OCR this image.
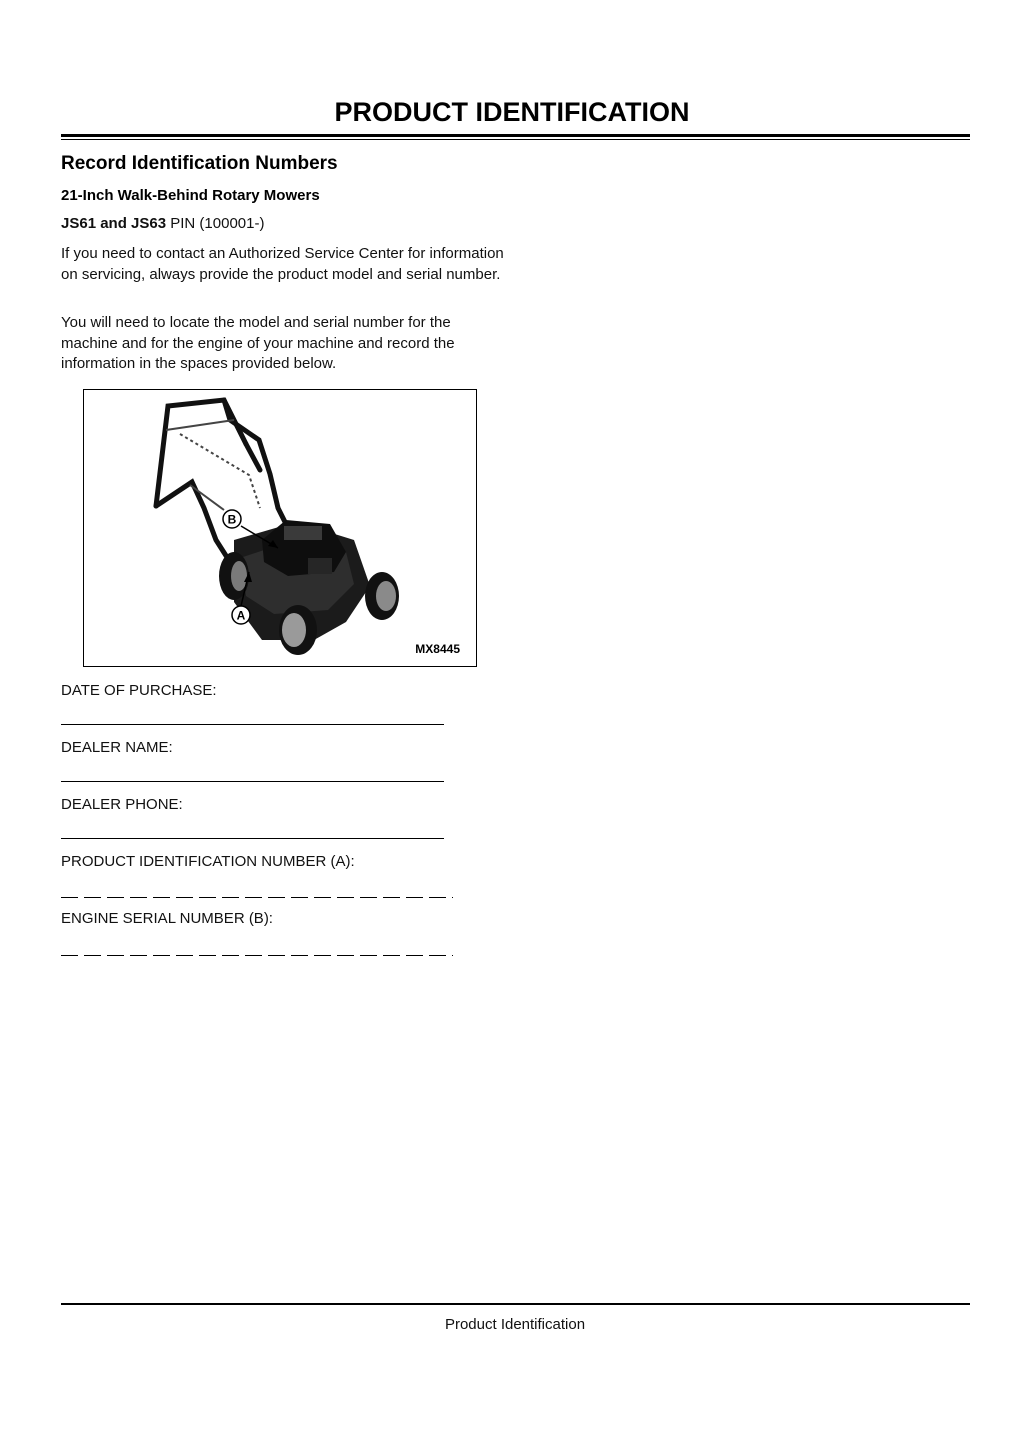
PRODUCT IDENTIFICATION
Record Identification Numbers

21-Inch Walk-Behind Rotary Mowers

JS61 and JS63 PIN (100001-)

If you need to contact an Authorized Service Center for information on servicing, always provide the product model and serial number.

You will need to locate the model and serial number for the machine and for the engine of your machine and record the information in the spaces provided below.

B
A
MX8445

DATE OF PURCHASE:

DEALER NAME:

DEALER PHONE:

PRODUCT IDENTIFICATION NUMBER (A):

ENGINE SERIAL NUMBER (B):

Product Identification
